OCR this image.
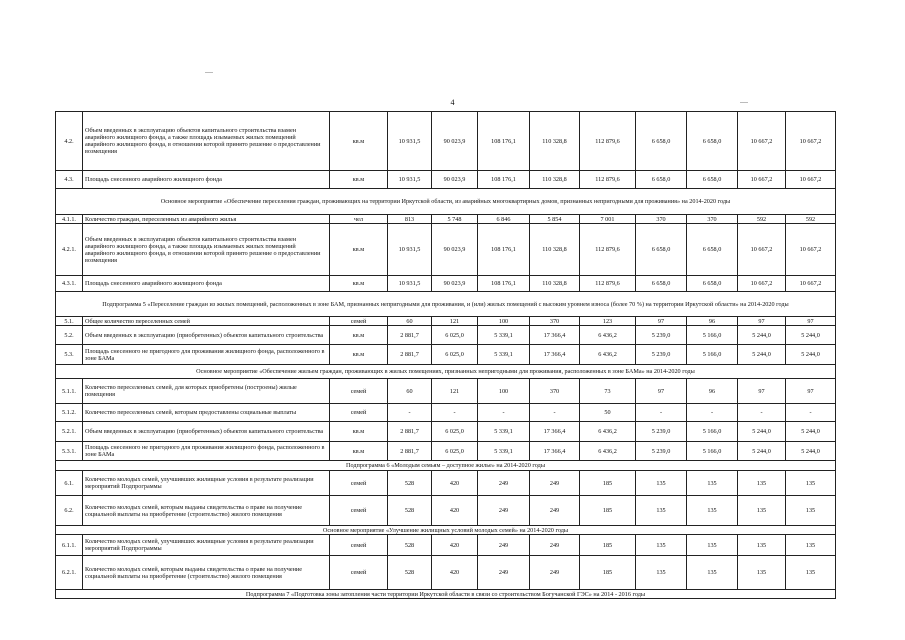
4
4.2.	Объем введенных в эксплуатацию объектов капитального строительства взамен аварийного жилищного фонда, а также площадь изымаемых жилых помещений аварийного жилищного фонда, в отношении которой принято решение о предоставлении возмещения	кв.м	10 931,5	90 023,9	108 176,1	110 328,8	112 879,6	6 658,0	6 658,0	10 667,2	10 667,2
4.3.	Площадь снесенного аварийного жилищного фонда	кв.м	10 931,5	90 023,9	108 176,1	110 328,8	112 879,6	6 658,0	6 658,0	10 667,2	10 667,2
Основное мероприятие «Обеспечение переселения граждан, проживающих на территории Иркутской области, из аварийных многоквартирных домов, признанных непригодными для проживания» на 2014-2020 годы											
4.1.1.	Количество граждан, переселенных из аварийного жилья	чел	813	5 748	6 846	5 854	7 001	370	370	592	592
4.2.1.	Объем введенных в эксплуатацию объектов капитального строительства взамен аварийного жилищного фонда, а также площадь изымаемых жилых помещений аварийного жилищного фонда, в отношении которой принято решение о предоставлении возмещения	кв.м	10 931,5	90 023,9	108 176,1	110 328,8	112 879,6	6 658,0	6 658,0	10 667,2	10 667,2
4.3.1.	Площадь снесенного аварийного жилищного фонда	кв.м	10 931,5	90 023,9	108 176,1	110 328,8	112 879,6	6 658,0	6 658,0	10 667,2	10 667,2
Подпрограмма 5 «Переселение граждан из жилых помещений, расположенных в зоне БАМ, признанных непригодными для проживания, и (или) жилых помещений с высоким уровнем износа (более 70 %) на территории Иркутской области» на 2014-2020 годы											
5.1.	Общее количество переселенных семей	семей	60	121	100	370	123	97	96	97	97
5.2.	Объем введенных в эксплуатацию (приобретенных) объектов капитального строительства	кв.м	2 881,7	6 025,0	5 339,1	17 366,4	6 436,2	5 239,0	5 166,0	5 244,0	5 244,0
5.3.	Площадь снесенного не пригодного для проживания жилищного фонда, расположенного в зоне БАМа	кв.м	2 881,7	6 025,0	5 339,1	17 366,4	6 436,2	5 239,0	5 166,0	5 244,0	5 244,0
Основное мероприятие «Обеспечение жильем граждан, проживающих в жилых помещениях, признанных непригодными для проживания, расположенных в зоне БАМа» на 2014-2020 годы											
5.1.1.	Количество переселенных семей, для которых приобретены (построены) жилые помещения	семей	60	121	100	370	73	97	96	97	97
5.1.2.	Количество переселенных семей, которым предоставлены социальные выплаты	семей	-	-	-	-	50	-	-	-	-
5.2.1.	Объем введенных в эксплуатацию (приобретенных) объектов капитального строительства	кв.м	2 881,7	6 025,0	5 339,1	17 366,4	6 436,2	5 239,0	5 166,0	5 244,0	5 244,0
5.3.1.	Площадь снесенного не пригодного для проживания жилищного фонда, расположенного в зоне БАМа	кв.м	2 881,7	6 025,0	5 339,1	17 366,4	6 436,2	5 239,0	5 166,0	5 244,0	5 244,0
Подпрограмма 6 «Молодым семьям – доступное жилье» на 2014-2020 годы											
6.1.	Количество молодых семей, улучшивших жилищные условия в результате реализации мероприятий Подпрограммы	семей	528	420	249	249	185	135	135	135	135
6.2.	Количество молодых семей, которым выданы свидетельства о праве на получение социальной выплаты на приобретение (строительство) жилого помещения	семей	528	420	249	249	185	135	135	135	135
Основное мероприятие «Улучшение жилищных условий молодых семей» на 2014-2020 годы											
6.1.1.	Количество молодых семей, улучшивших жилищные условия в результате реализации мероприятий Подпрограммы	семей	528	420	249	249	185	135	135	135	135
6.2.1.	Количество молодых семей, которым выданы свидетельства о праве на получение социальной выплаты на приобретение (строительство) жилого помещения	семей	528	420	249	249	185	135	135	135	135
Подпрограмма 7 «Подготовка зоны затопления части территории Иркутской области в связи со строительством Богучанской ГЭС» на 2014 - 2016 годы											
